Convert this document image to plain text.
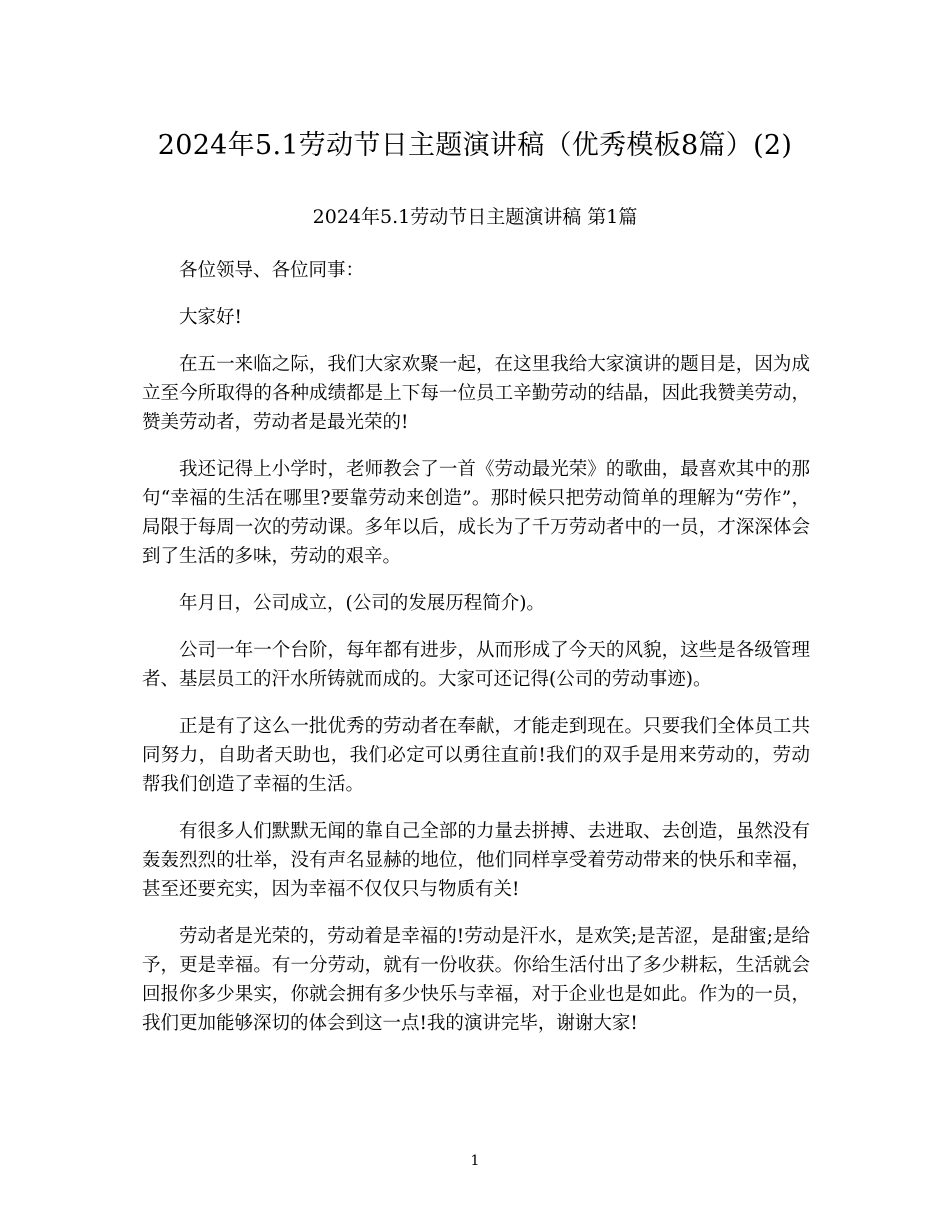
2024年5.1劳动节日主题演讲稿（优秀模板8篇）(2)
2024年5.1劳动节日主题演讲稿 第1篇

各位领导、各位同事：

大家好!

在五一来临之际，我们大家欢聚一起，在这里我给大家演讲的题目是，因为成立至今所取得的各种成绩都是上下每一位员工辛勤劳动的结晶，因此我赞美劳动，赞美劳动者，劳动者是最光荣的!

我还记得上小学时，老师教会了一首《劳动最光荣》的歌曲，最喜欢其中的那句“幸福的生活在哪里?要靠劳动来创造”。那时候只把劳动简单的理解为“劳作”，局限于每周一次的劳动课。多年以后，成长为了千万劳动者中的一员，才深深体会到了生活的多味，劳动的艰辛。

年月日，公司成立，(公司的发展历程简介)。

公司一年一个台阶，每年都有进步，从而形成了今天的风貌，这些是各级管理者、基层员工的汗水所铸就而成的。大家可还记得(公司的劳动事迹)。

正是有了这么一批优秀的劳动者在奉献，才能走到现在。只要我们全体员工共同努力，自助者天助也，我们必定可以勇往直前!我们的双手是用来劳动的，劳动帮我们创造了幸福的生活。

有很多人们默默无闻的靠自己全部的力量去拼搏、去进取、去创造，虽然没有轰轰烈烈的壮举，没有声名显赫的地位，他们同样享受着劳动带来的快乐和幸福，甚至还要充实，因为幸福不仅仅只与物质有关!

劳动者是光荣的，劳动着是幸福的!劳动是汗水，是欢笑;是苦涩，是甜蜜;是给予，更是幸福。有一分劳动，就有一份收获。你给生活付出了多少耕耘，生活就会回报你多少果实，你就会拥有多少快乐与幸福，对于企业也是如此。作为的一员，我们更加能够深切的体会到这一点!我的演讲完毕，谢谢大家!

1
